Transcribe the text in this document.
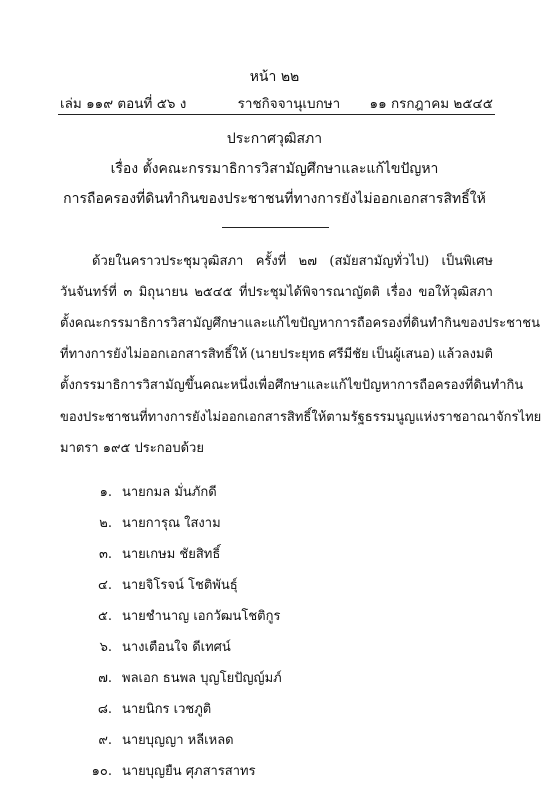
หน้า ๒๒
เล่ม ๑๑๙ ตอนที่ ๕๖ ง	ราชกิจจานุเบกษา ๑๑ กรกฎาคม ๒๕๔๕
ประกาศวุฒิสภา
เรื่อง ตั้งคณะกรรมาธิการวิสามัญศึกษาและแก้ไขปัญหา
การถือครองที่ดินทำกินของประชาชนที่ทางการยังไม่ออกเอกสารสิทธิ์ให้
ด้วยในคราวประชุมวุฒิสภา ครั้งที่ ๒๗ (สมัยสามัญทั่วไป) เป็นพิเศษ
วันจันทร์ที่ ๓ มิถุนายน ๒๕๔๕ ที่ประชุมได้พิจารณาญัตติ เรื่อง ขอให้วุฒิสภา
ตั้งคณะกรรมาธิการวิสามัญศึกษาและแก้ไขปัญหาการถือครองที่ดินทำกินของประชาชน
ที่ทางการยังไม่ออกเอกสารสิทธิ์ให้ (นายประยุทธ ศรีมีชัย เป็นผู้เสนอ) แล้วลงมติ
ตั้งกรรมาธิการวิสามัญขึ้นคณะหนึ่งเพื่อศึกษาและแก้ไขปัญหาการถือครองที่ดินทำกิน
ของประชาชนที่ทางการยังไม่ออกเอกสารสิทธิ์ให้ ตามรัฐธรรมนูญแห่งราชอาณาจักรไทย
มาตรา ๑๙๕ ประกอบด้วย
๑. นายกมล มั่นภักดี
๒. นายการุณ ใสงาม
๓. นายเกษม ชัยสิทธิ์
๔. นายจิโรจน์ โชติพันธุ์
๕. นายชำนาญ เอกวัฒนโชติกูร
๖. นางเตือนใจ ดีเทศน์
๗. พลเอก ธนพล บุญโยปัญญ์มภ์
๘. นายนิกร เวชภูติ
๙. นายบุญญา หลีเหลด
๑๐. นายบุญยืน ศุภสารสาทร
